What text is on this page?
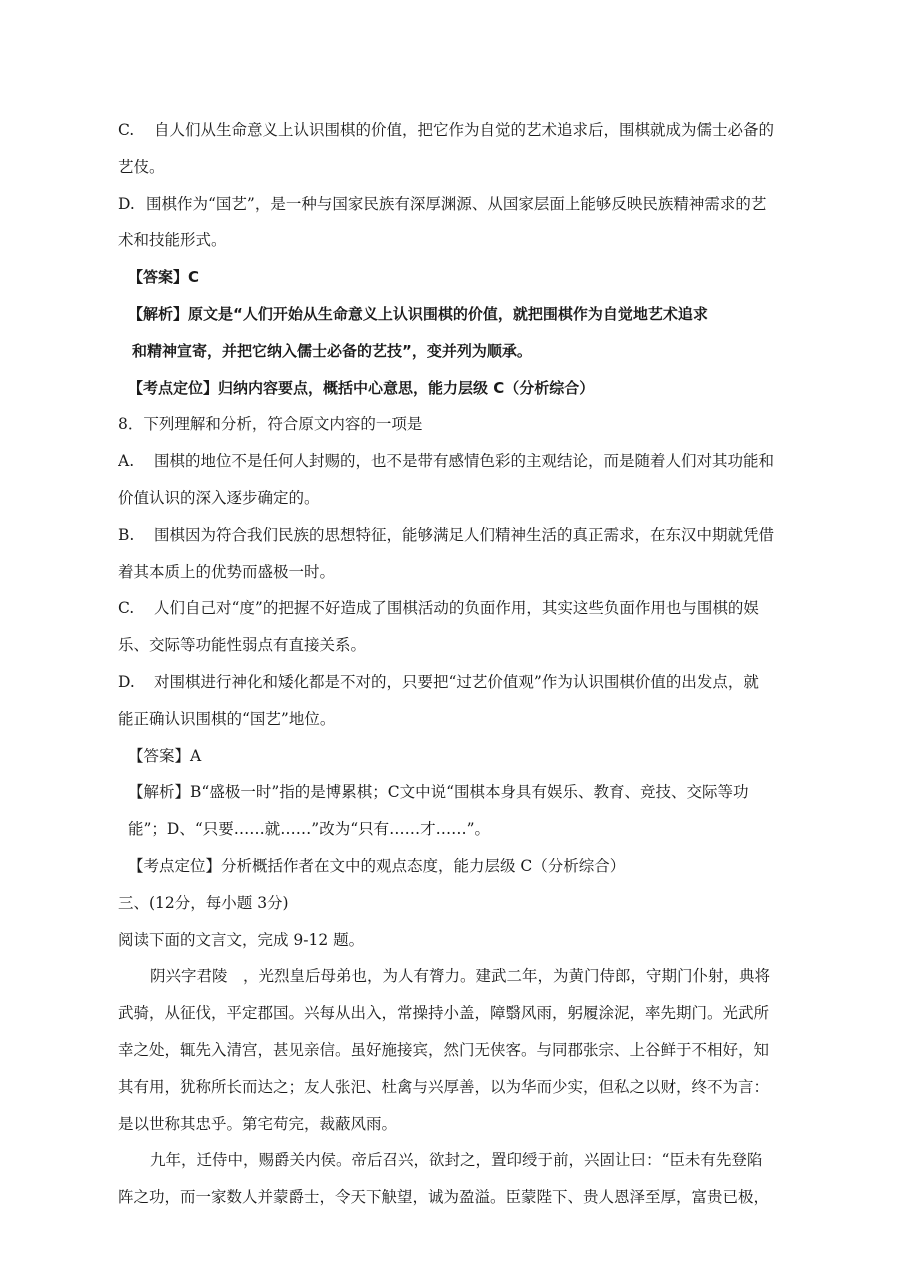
C. 自人们从生命意义上认识围棋的价值，把它作为自觉的艺术追求后，围棋就成为儒士必备的
艺伎。
D. 围棋作为“国艺”，是一种与国家民族有深厚渊源、从国家层面上能够反映民族精神需求的艺
术和技能形式。
【答案】C
【解析】原文是“人们开始从生命意义上认识围棋的价值，就把围棋作为自觉地艺术追求
和精神宣寄，并把它纳入儒士必备的艺技”，变并列为顺承。
【考点定位】归纳内容要点，概括中心意思，能力层级 C（分析综合）
8．下列理解和分析，符合原文内容的一项是
A. 围棋的地位不是任何人封赐的，也不是带有感情色彩的主观结论，而是随着人们对其功能和
价值认识的深入逐步确定的。
B. 围棋因为符合我们民族的思想特征，能够满足人们精神生活的真正需求，在东汉中期就凭借
着其本质上的优势而盛极一时。
C. 人们自己对“度”的把握不好造成了围棋活动的负面作用，其实这些负面作用也与围棋的娱
乐、交际等功能性弱点有直接关系。
D. 对围棋进行神化和矮化都是不对的，只要把“过艺价值观”作为认识围棋价值的出发点，就
能正确认识围棋的“国艺”地位。
【答案】A
【解析】B“盛极一时”指的是博累棋；C文中说“围棋本身具有娱乐、教育、竞技、交际等功
能”；D、“只要……就……”改为“只有……才……”。
【考点定位】分析概括作者在文中的观点态度，能力层级 C（分析综合）
三、(12分，每小题 3分)
阅读下面的文言文，完成 9-12 题。
阴兴字君陵　，光烈皇后母弟也，为人有膂力。建武二年，为黄门侍郎，守期门仆射，典将
武骑，从征伐，平定郡国。兴每从出入，常操持小盖，障翳风雨，躬履涂泥，率先期门。光武所
幸之处，辄先入清宫，甚见亲信。虽好施接宾，然门无侠客。与同郡张宗、上谷鲜于不相好，知
其有用，犹称所长而达之；友人张汜、杜禽与兴厚善，以为华而少实，但私之以财，终不为言：
是以世称其忠乎。第宅苟完，裁蔽风雨。
九年，迁侍中，赐爵关内侯。帝后召兴，欲封之，置印绶于前，兴固让曰：“臣未有先登陷
阵之功，而一家数人并蒙爵士，令天下觖望，诚为盈溢。臣蒙陛下、贵人恩泽至厚，富贵已极，
